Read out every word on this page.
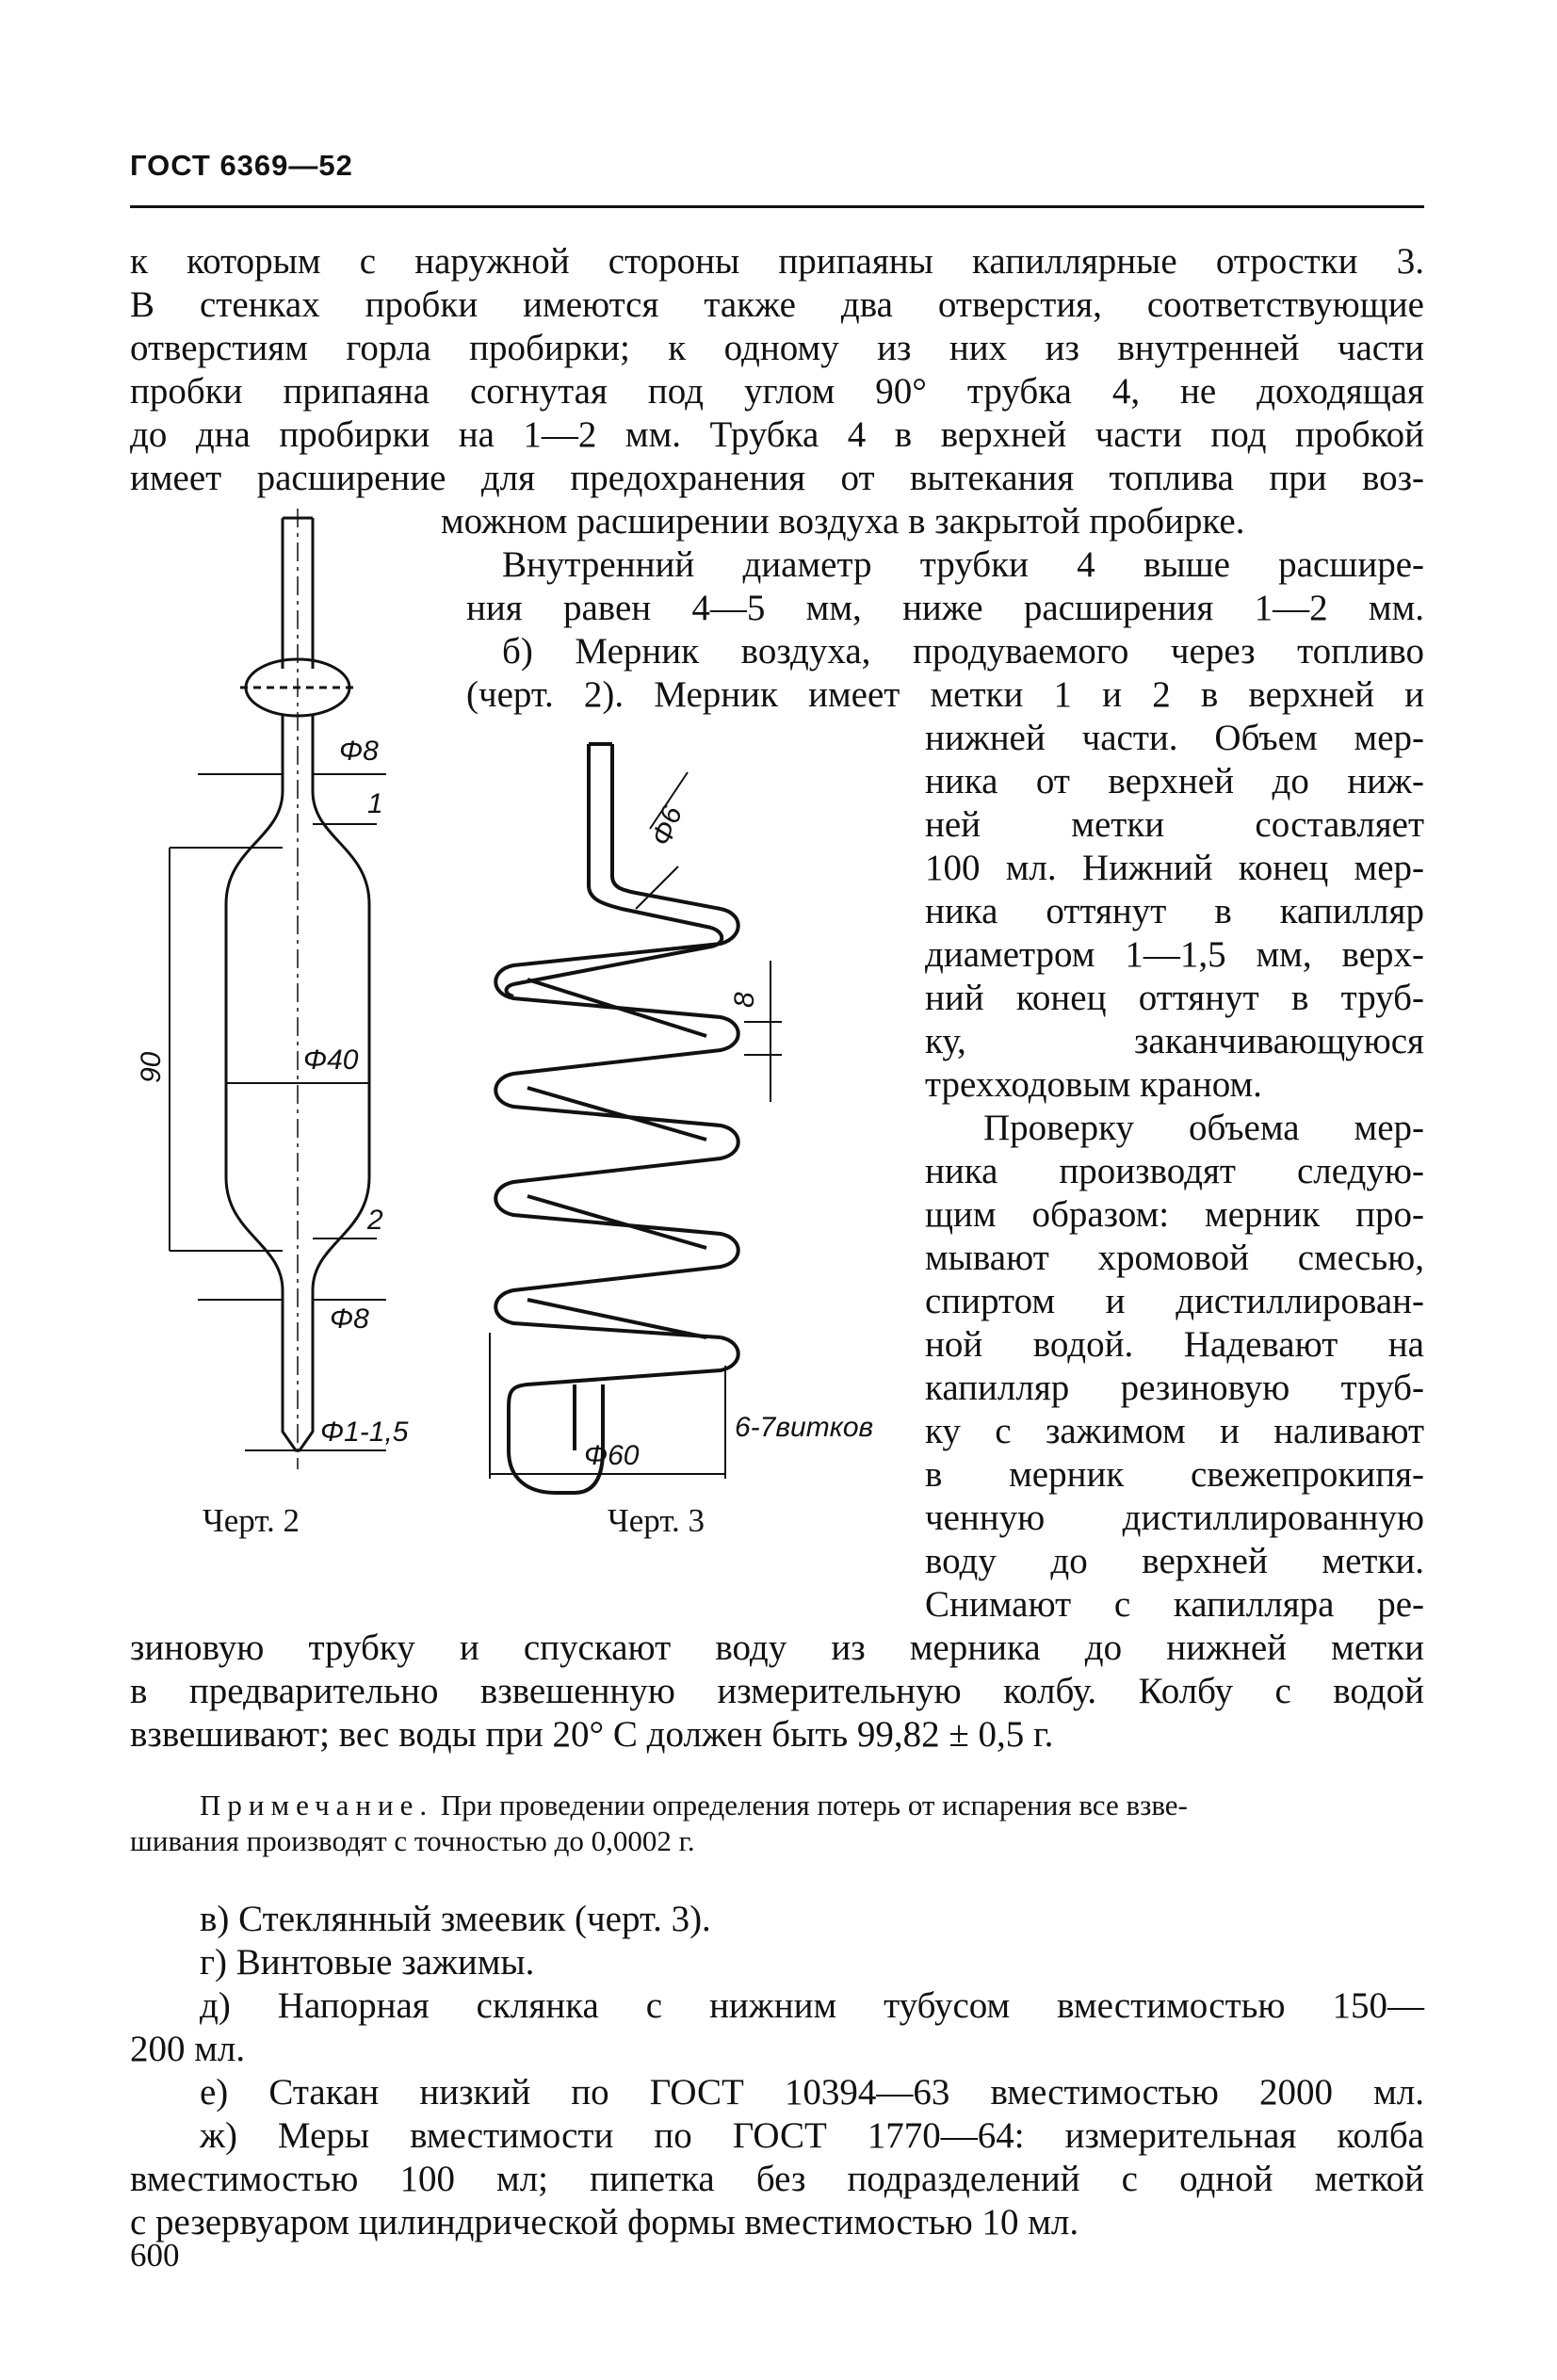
ГОСТ 6369—52
к которым с наружной стороны припаяны капиллярные отростки 3.
В стенках пробки имеются также два отверстия, соответствующие
отверстиям горла пробирки; к одному из них из внутренней части
пробки припаяна согнутая под углом 90° трубка 4, не доходящая
до дна пробирки на 1—2 мм. Трубка 4 в верхней части под пробкой
имеет расширение для предохранения от вытекания топлива при воз-
можном расширении воздуха в закрытой пробирке.
Внутренний диаметр трубки 4 выше расшире-
ния равен 4—5 мм, ниже расширения 1—2 мм.
б) Мерник воздуха, продуваемого через топливо
(черт. 2). Мерник имеет метки 1 и 2 в верхней и
нижней части. Объем мер-
ника от верхней до ниж-
ней метки составляет
100 мл. Нижний конец мер-
ника оттянут в капилляр
диаметром 1—1,5 мм, верх-
ний конец оттянут в труб-
ку, заканчивающуюся
трехходовым краном.
Проверку объема мер-
ника производят следую-
щим образом: мерник про-
мывают хромовой смесью,
спиртом и дистиллирован-
ной водой. Надевают на
капилляр резиновую труб-
ку с зажимом и наливают
в мерник свежепрокипя-
ченную дистиллированную
воду до верхней метки.
Снимают с капилляра ре-
зиновую трубку и спускают воду из мерника до нижней метки
в предварительно взвешенную измерительную колбу. Колбу с водой
взвешивают; вес воды при 20° С должен быть 99,82 ± 0,5 г.
Примечание. При проведении определения потерь от испарения все взве-
шивания производят с точностью до 0,0002 г.
в) Стеклянный змеевик (черт. 3).
г) Винтовые зажимы.
д) Напорная склянка с нижним тубусом вместимостью 150—
200 мл.
е) Стакан низкий по ГОСТ 10394—63 вместимостью 2000 мл.
ж) Меры вместимости по ГОСТ 1770—64: измерительная колба
вместимостью 100 мл; пипетка без подразделений с одной меткой
с резервуаром цилиндрической формы вместимостью 10 мл.
600
Φ8
1
90	Φ40
2
Φ8
Φ1-1,5
Черт. 2
Φ6
8
6-7витков
Φ60
Черт. 3
